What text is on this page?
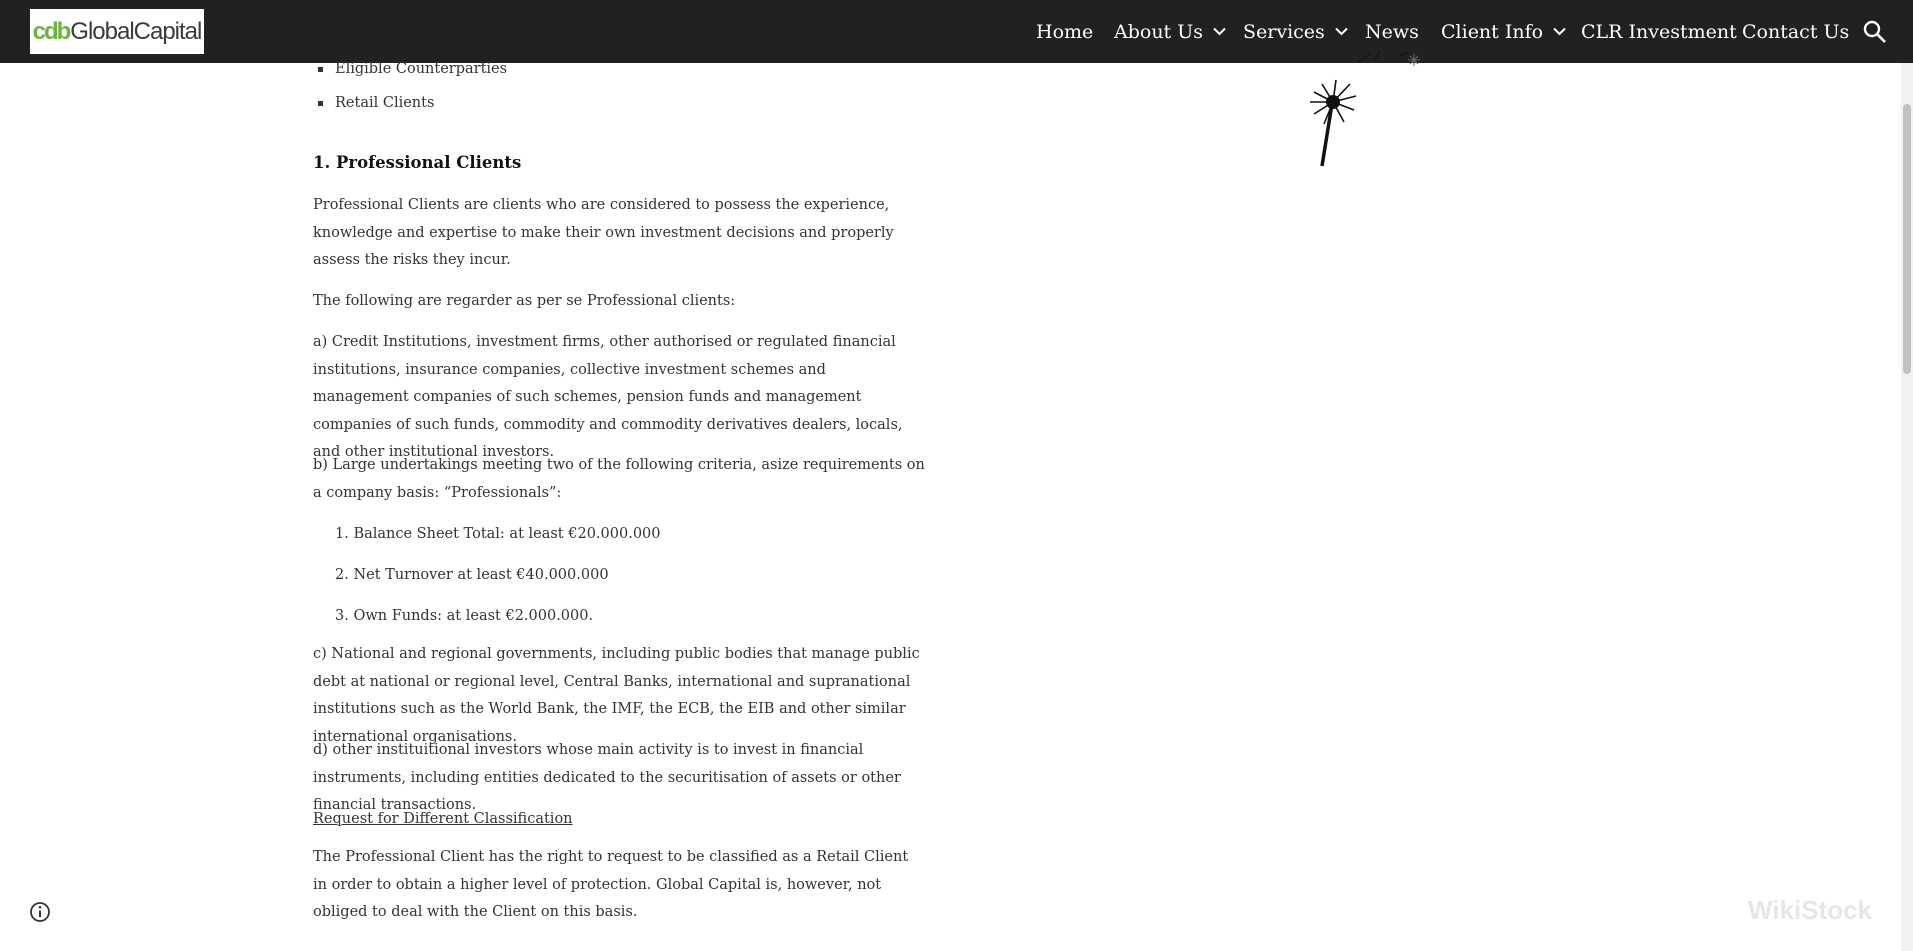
cdb GlobalCapital	Home About Us Services News Client Info CLR Investment Contact Us
Eligible Counterparties
Retail Clients
1. Professional Clients

Professional Clients are clients who are considered to possess the experience, knowledge and expertise to make their own investment decisions and properly assess the risks they incur.

The following are regarder as per se Professional clients:

a) Credit Institutions, investment firms, other authorised or regulated financial institutions, insurance companies, collective investment schemes and management companies of such schemes, pension funds and management companies of such funds, commodity and commodity derivatives dealers, locals, and other institutional investors.

b) Large undertakings meeting two of the following criteria, asize requirements on a company basis: “Professionals”:

1. Balance Sheet Total: at least €20.000.000
2. Net Turnover at least €40.000.000
3. Own Funds: at least €2.000.000.

c) National and regional governments, including public bodies that manage public debt at national or regional level, Central Banks, international and supranational institutions such as the World Bank, the IMF, the ECB, the EIB and other similar international organisations.

d) other instituitional investors whose main activity is to invest in financial instruments, including entities dedicated to the securitisation of assets or other financial transactions.

Request for Different Classification

The Professional Client has the right to request to be classified as a Retail Client in order to obtain a higher level of protection. Global Capital is, however, not obliged to deal with the Client on this basis.	WikiStock
